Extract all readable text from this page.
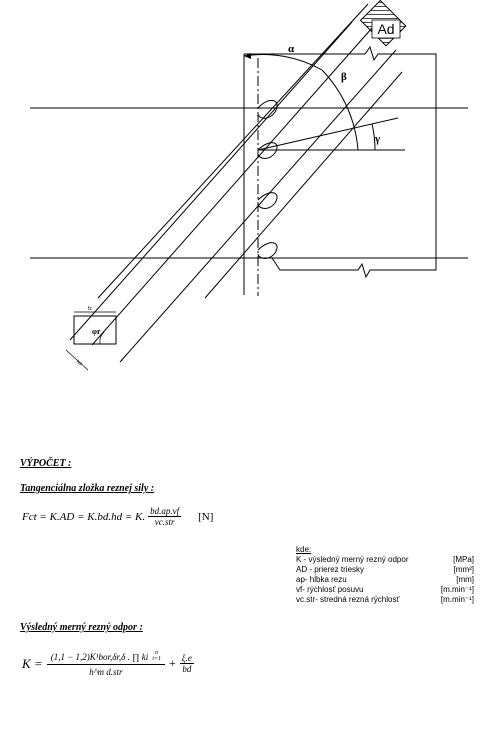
Ad
α
β
γ
fz
φr
hd

VÝPOČET :

Tangenciálna zložka reznej sily :

Fct = K.AD = K.bd.hd = K. bd.ap.vf
vc.str [N]
kde:
K - výsledný merný rezný odpor	[MPa]
AD - prierez triesky	[mm²]
ap- hĺbka rezu	[mm]
vf- rýchlosť posuvu	[m.min⁻¹]
vc.str- stredná rezná rýchlosť	[m.min⁻¹]

Výsledný merný rezný odpor :

K = (1,1 − 1,2)K¹bor,δr,δ . ∏ ki n
i=1
h^m d.str
+ $\frac{\xi.e}{bd}$
